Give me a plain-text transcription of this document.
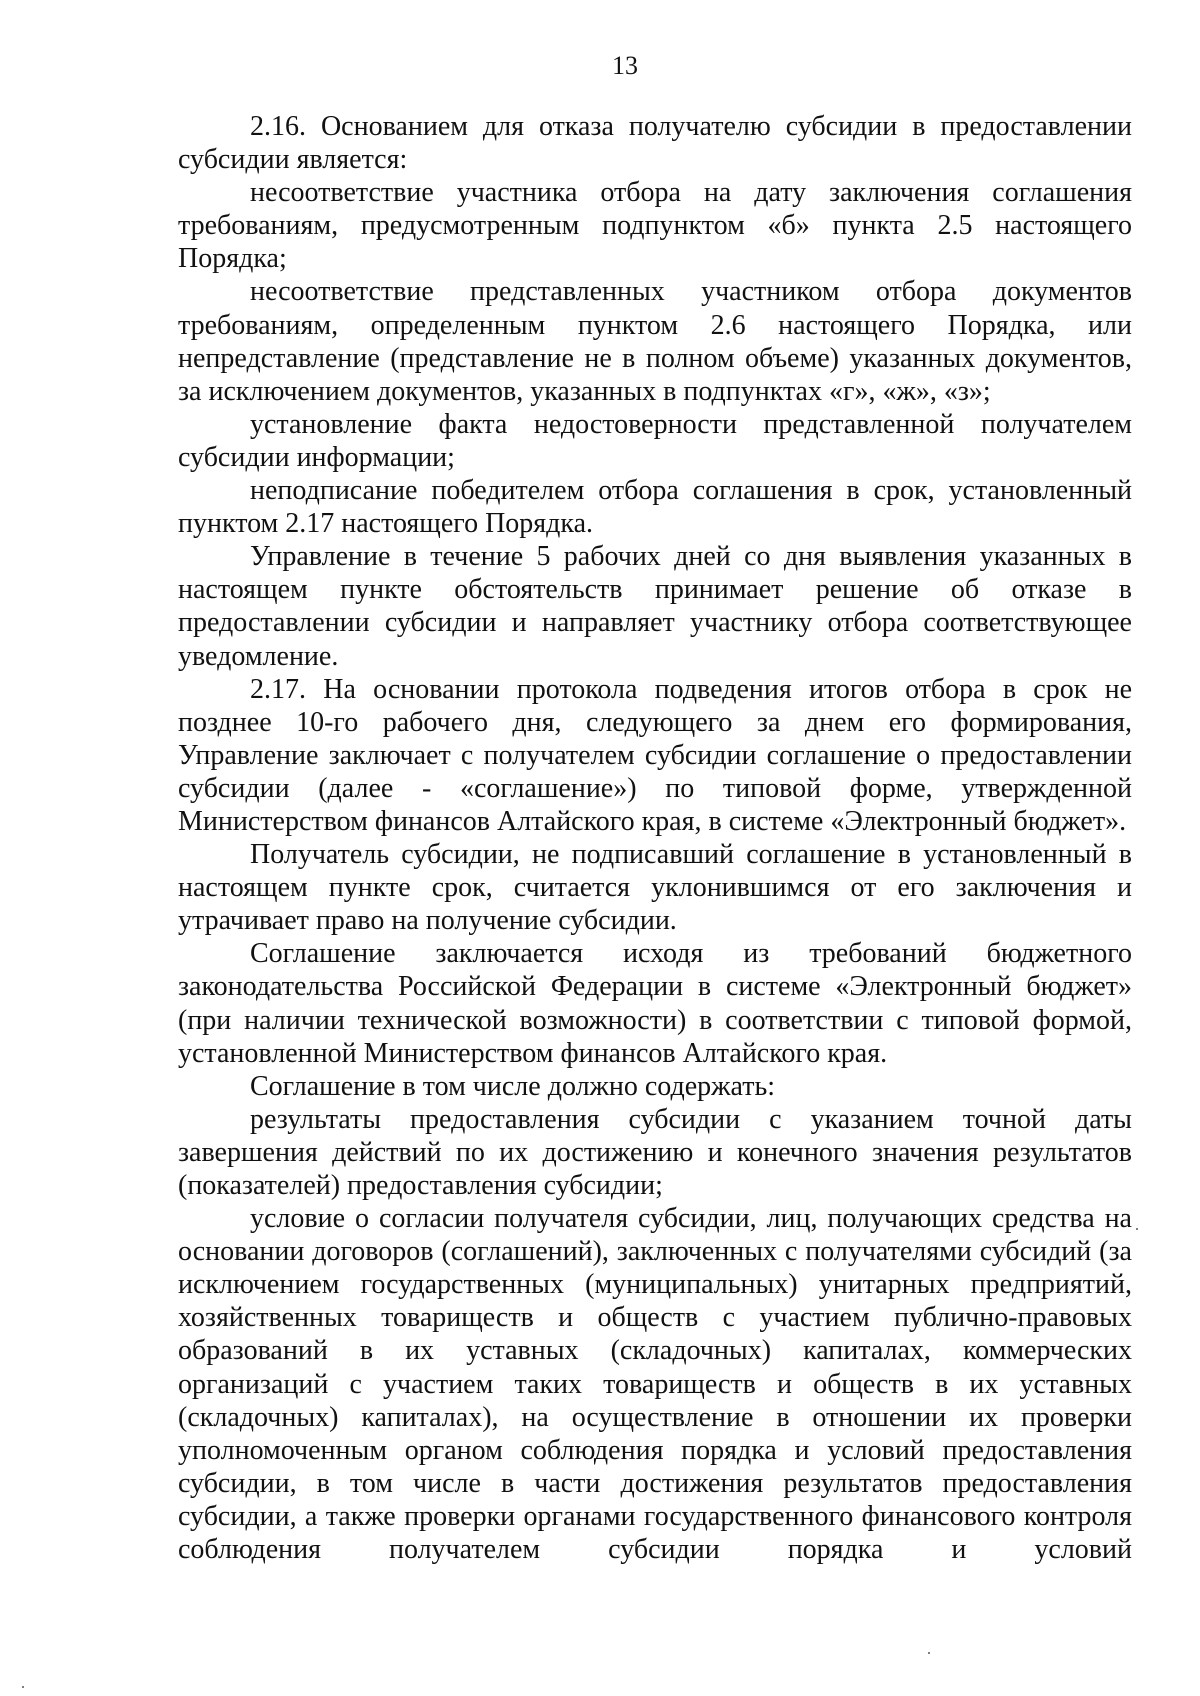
13

2.16. Основанием для отказа получателю субсидии в предоставлении субсидии является:

несоответствие участника отбора на дату заключения соглашения требованиям, предусмотренным подпунктом «б» пункта 2.5 настоящего Порядка;

несоответствие представленных участником отбора документов требованиям, определенным пунктом 2.6 настоящего Порядка, или непредставление (представление не в полном объеме) указанных документов, за исключением документов, указанных в подпунктах «г», «ж», «з»;

установление факта недостоверности представленной получателем субсидии информации;

неподписание победителем отбора соглашения в срок, установленный пунктом 2.17 настоящего Порядка.

Управление в течение 5 рабочих дней со дня выявления указанных в настоящем пункте обстоятельств принимает решение об отказе в предоставлении субсидии и направляет участнику отбора соответствующее уведомление.

2.17. На основании протокола подведения итогов отбора в срок не позднее 10-го рабочего дня, следующего за днем его формирования, Управление заключает с получателем субсидии соглашение о предоставлении субсидии (далее - «соглашение») по типовой форме, утвержденной Министерством финансов Алтайского края, в системе «Электронный бюджет».

Получатель субсидии, не подписавший соглашение в установленный в настоящем пункте срок, считается уклонившимся от его заключения и утрачивает право на получение субсидии.

Соглашение заключается исходя из требований бюджетного законодательства Российской Федерации в системе «Электронный бюджет» (при наличии технической возможности) в соответствии с типовой формой, установленной Министерством финансов Алтайского края.

Соглашение в том числе должно содержать:

результаты предоставления субсидии с указанием точной даты завершения действий по их достижению и конечного значения результатов (показателей) предоставления субсидии;

условие о согласии получателя субсидии, лиц, получающих средства на основании договоров (соглашений), заключенных с получателями субсидий (за исключением государственных (муниципальных) унитарных предприятий, хозяйственных товариществ и обществ с участием публично-правовых образований в их уставных (складочных) капиталах, коммерческих организаций с участием таких товариществ и обществ в их уставных (складочных) капиталах), на осуществление в отношении их проверки уполномоченным органом соблюдения порядка и условий предоставления субсидии, в том числе в части достижения результатов предоставления субсидии, а также проверки органами государственного финансового контроля соблюдения получателем субсидии порядка и условий
